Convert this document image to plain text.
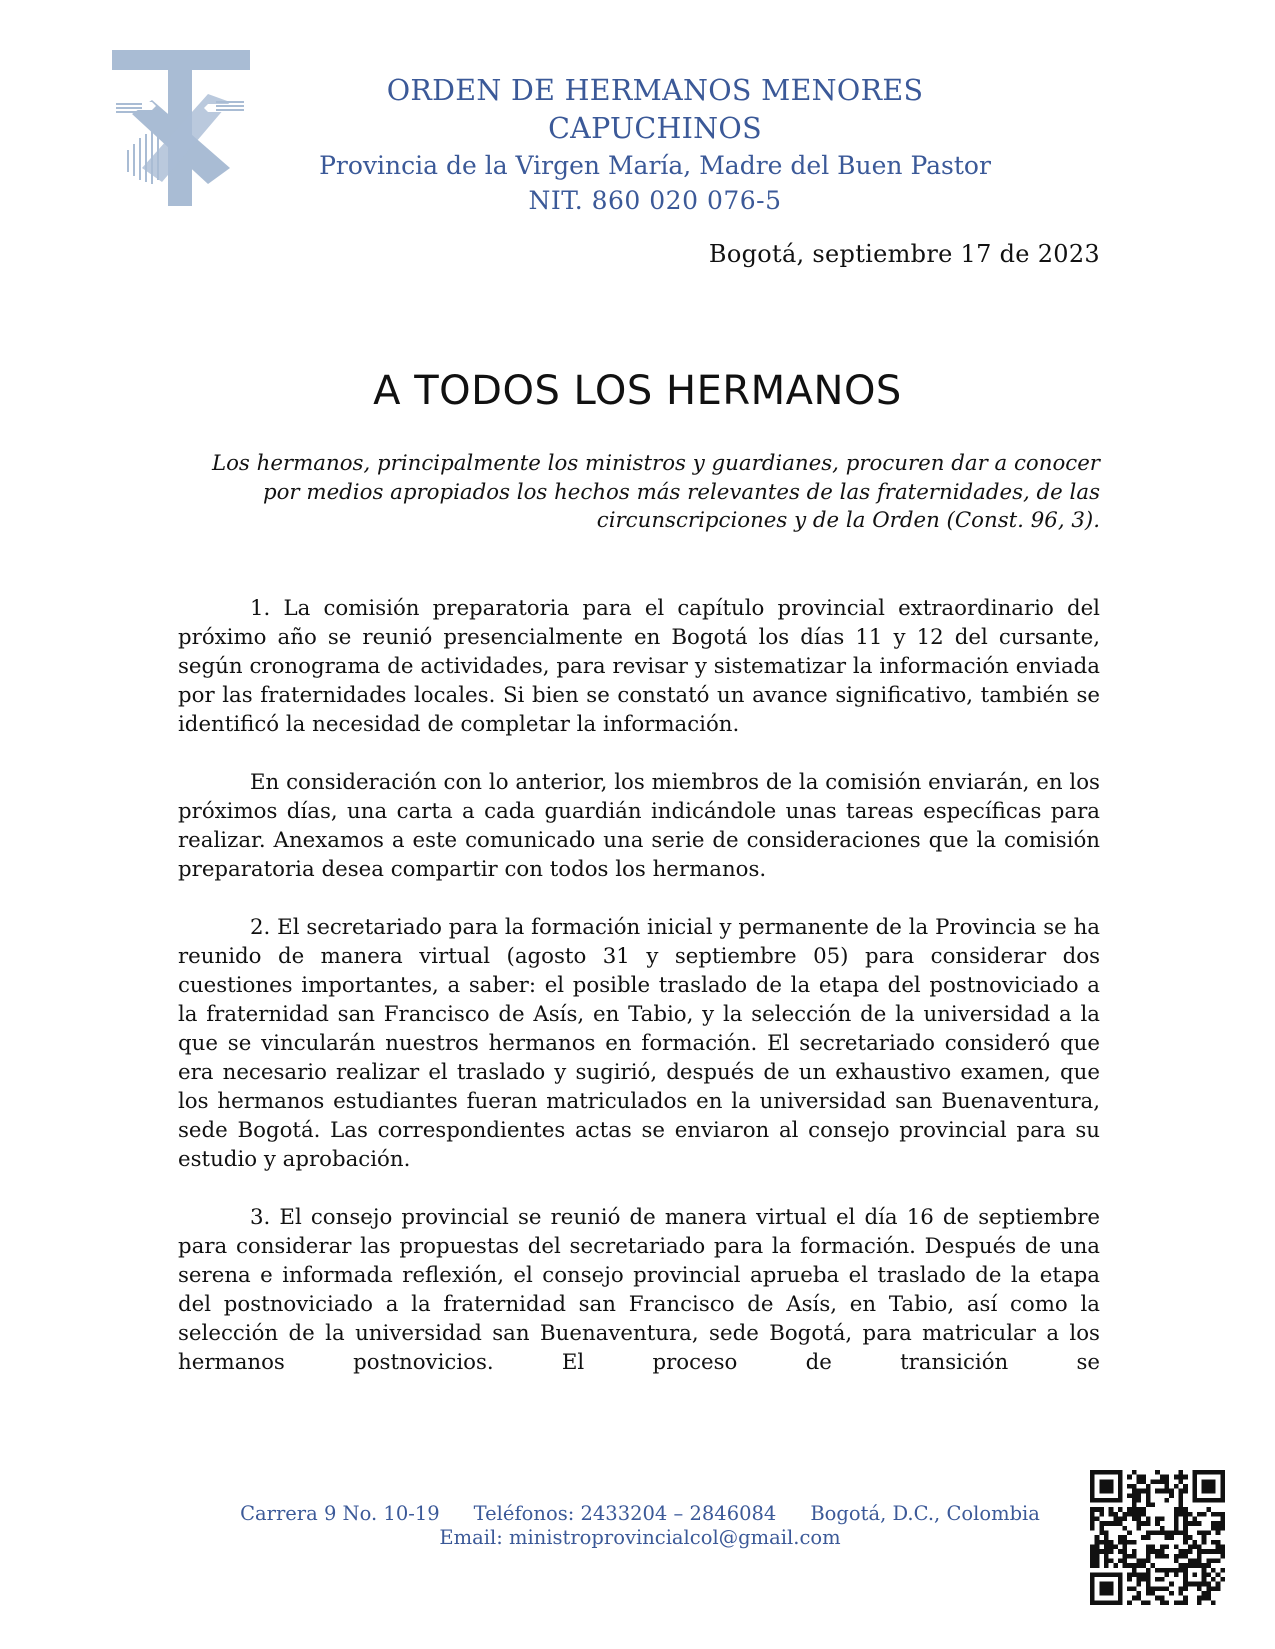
ORDEN DE HERMANOS MENORES CAPUCHINOS
Provincia de la Virgen María, Madre del Buen Pastor
NIT. 860 020 076-5
Bogotá, septiembre 17 de 2023
A TODOS LOS HERMANOS
Los hermanos, principalmente los ministros y guardianes, procuren dar a conocer por medios apropiados los hechos más relevantes de las fraternidades, de las circunscripciones y de la Orden (Const. 96, 3).

1. La comisión preparatoria para el capítulo provincial extraordinario del próximo año se reunió presencialmente en Bogotá los días 11 y 12 del cursante, según cronograma de actividades, para revisar y sistematizar la información enviada por las fraternidades locales. Si bien se constató un avance significativo, también se identificó la necesidad de completar la información.

En consideración con lo anterior, los miembros de la comisión enviarán, en los próximos días, una carta a cada guardián indicándole unas tareas específicas para realizar. Anexamos a este comunicado una serie de consideraciones que la comisión preparatoria desea compartir con todos los hermanos.

2. El secretariado para la formación inicial y permanente de la Provincia se ha reunido de manera virtual (agosto 31 y septiembre 05) para considerar dos cuestiones importantes, a saber: el posible traslado de la etapa del postnoviciado a la fraternidad san Francisco de Asís, en Tabio, y la selección de la universidad a la que se vincularán nuestros hermanos en formación. El secretariado consideró que era necesario realizar el traslado y sugirió, después de un exhaustivo examen, que los hermanos estudiantes fueran matriculados en la universidad san Buenaventura, sede Bogotá. Las correspondientes actas se enviaron al consejo provincial para su estudio y aprobación.

3. El consejo provincial se reunió de manera virtual el día 16 de septiembre para considerar las propuestas del secretariado para la formación. Después de una serena e informada reflexión, el consejo provincial aprueba el traslado de la etapa del postnoviciado a la fraternidad san Francisco de Asís, en Tabio, así como la selección de la universidad san Buenaventura, sede Bogotá, para matricular a los hermanos postnovicios. El proceso de transición se

Carrera 9 No. 10-19 Teléfonos: 2433204 – 2846084 Bogotá, D.C., Colombia
Email: ministroprovincialcol@gmail.com
